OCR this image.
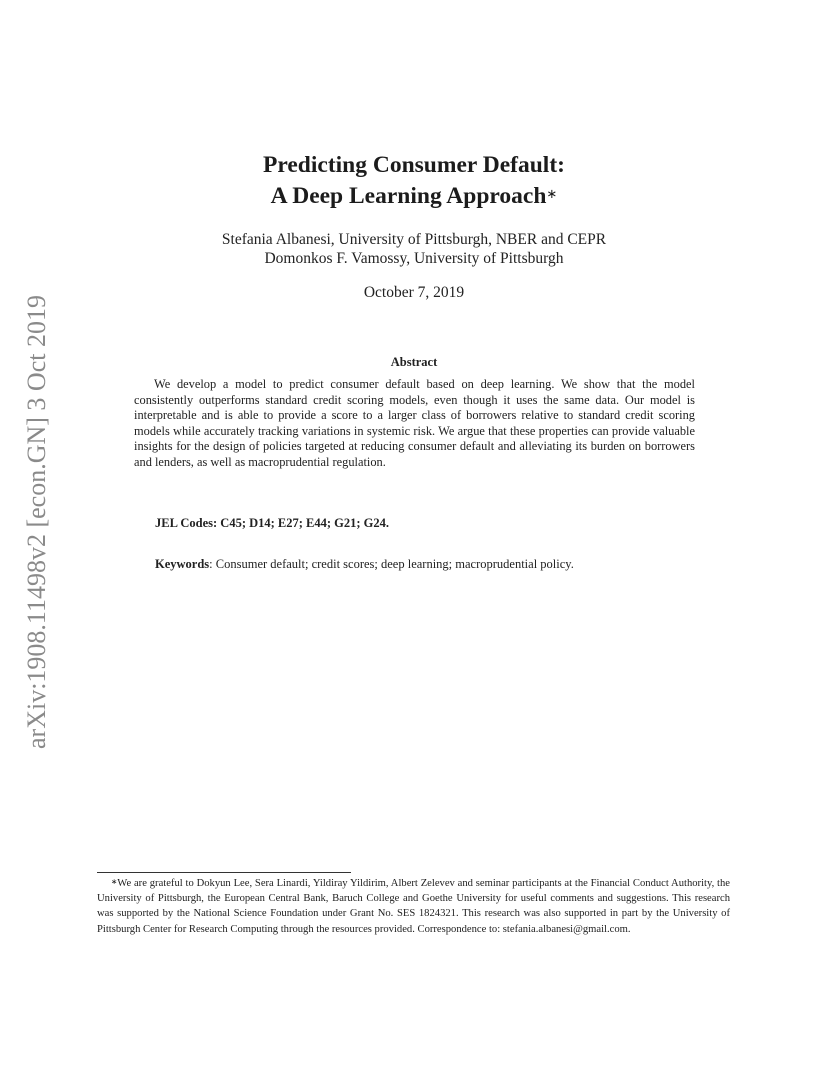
arXiv:1908.11498v2 [econ.GN] 3 Oct 2019
Predicting Consumer Default:
A Deep Learning Approach∗
Stefania Albanesi, University of Pittsburgh, NBER and CEPR
Domonkos F. Vamossy, University of Pittsburgh
October 7, 2019
Abstract
We develop a model to predict consumer default based on deep learning. We show that the model consistently outperforms standard credit scoring models, even though it uses the same data. Our model is interpretable and is able to provide a score to a larger class of borrowers relative to standard credit scoring models while accurately tracking variations in systemic risk. We argue that these properties can provide valuable insights for the design of policies targeted at reducing consumer default and alleviating its burden on borrowers and lenders, as well as macroprudential regulation.
JEL Codes: C45; D14; E27; E44; G21; G24.
Keywords: Consumer default; credit scores; deep learning; macroprudential policy.
∗We are grateful to Dokyun Lee, Sera Linardi, Yildiray Yildirim, Albert Zelevev and seminar participants at the Financial Conduct Authority, the University of Pittsburgh, the European Central Bank, Baruch College and Goethe University for useful comments and suggestions. This research was supported by the National Science Foundation under Grant No. SES 1824321. This research was also supported in part by the University of Pittsburgh Center for Research Computing through the resources provided. Correspondence to: stefania.albanesi@gmail.com.
